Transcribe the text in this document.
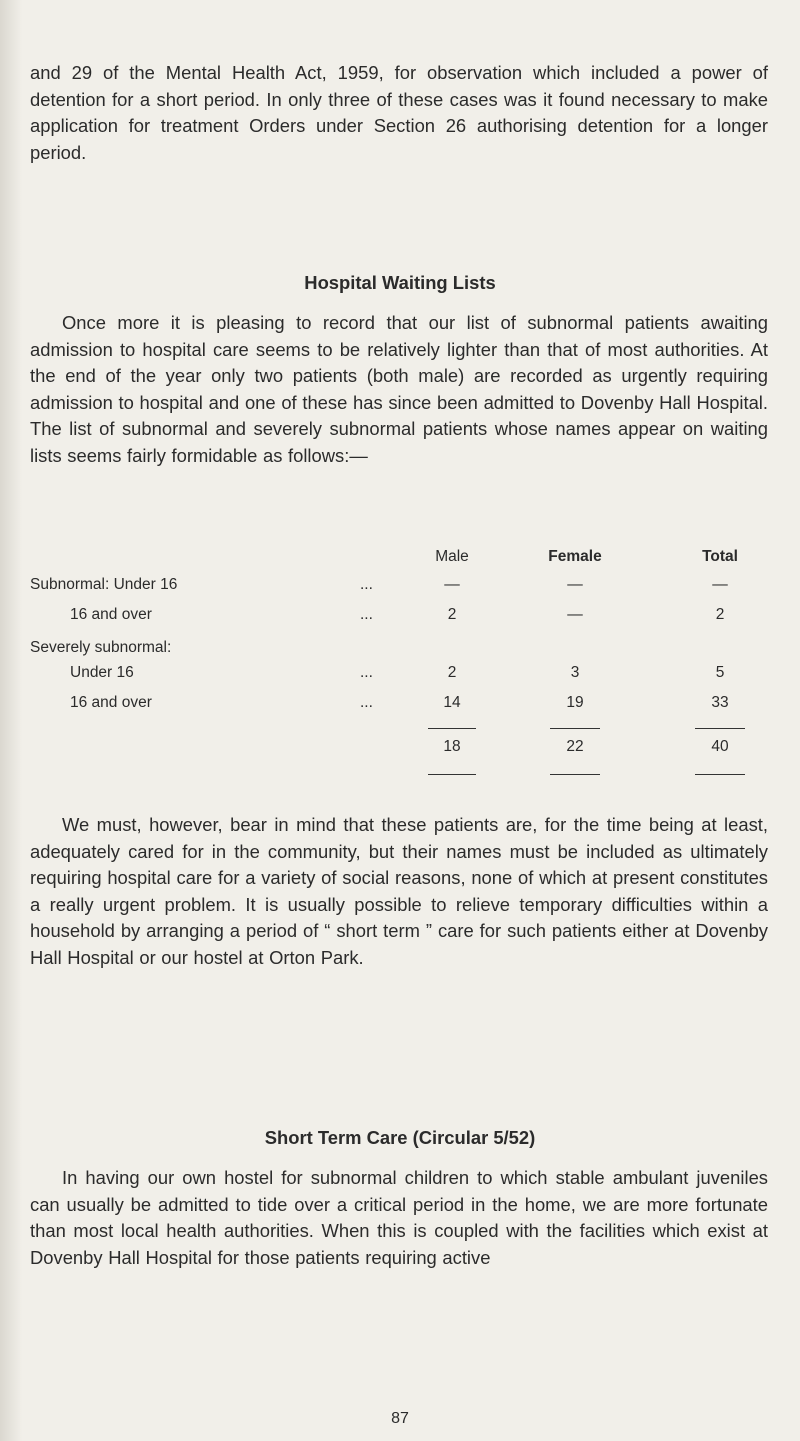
and 29 of the Mental Health Act, 1959, for observation which included a power of detention for a short period. In only three of these cases was it found necessary to make application for treatment Orders under Section 26 authorising detention for a longer period.

Hospital Waiting Lists

Once more it is pleasing to record that our list of subnormal patients awaiting admission to hospital care seems to be relatively lighter than that of most authorities. At the end of the year only two patients (both male) are recorded as urgently requiring admission to hospital and one of these has since been admitted to Dovenby Hall Hospital. The list of subnormal and severely subnormal patients whose names appear on waiting lists seems fairly formidable as follows:—

Male	Female	Total
Subnormal: Under 16	...	—	—	—
16 and over	...	2	—	2
Severely subnormal:
Under 16	...	2	3	5
16 and over	...	14	19	33
18	22	40

We must, however, bear in mind that these patients are, for the time being at least, adequately cared for in the community, but their names must be included as ultimately requiring hospital care for a variety of social reasons, none of which at present constitutes a really urgent problem. It is usually possible to relieve temporary difficulties within a household by arranging a period of “ short term ” care for such patients either at Dovenby Hall Hospital or our hostel at Orton Park.

Short Term Care (Circular 5/52)

In having our own hostel for subnormal children to which stable ambulant juveniles can usually be admitted to tide over a critical period in the home, we are more fortunate than most local health authorities. When this is coupled with the facilities which exist at Dovenby Hall Hospital for those patients requiring active

87
